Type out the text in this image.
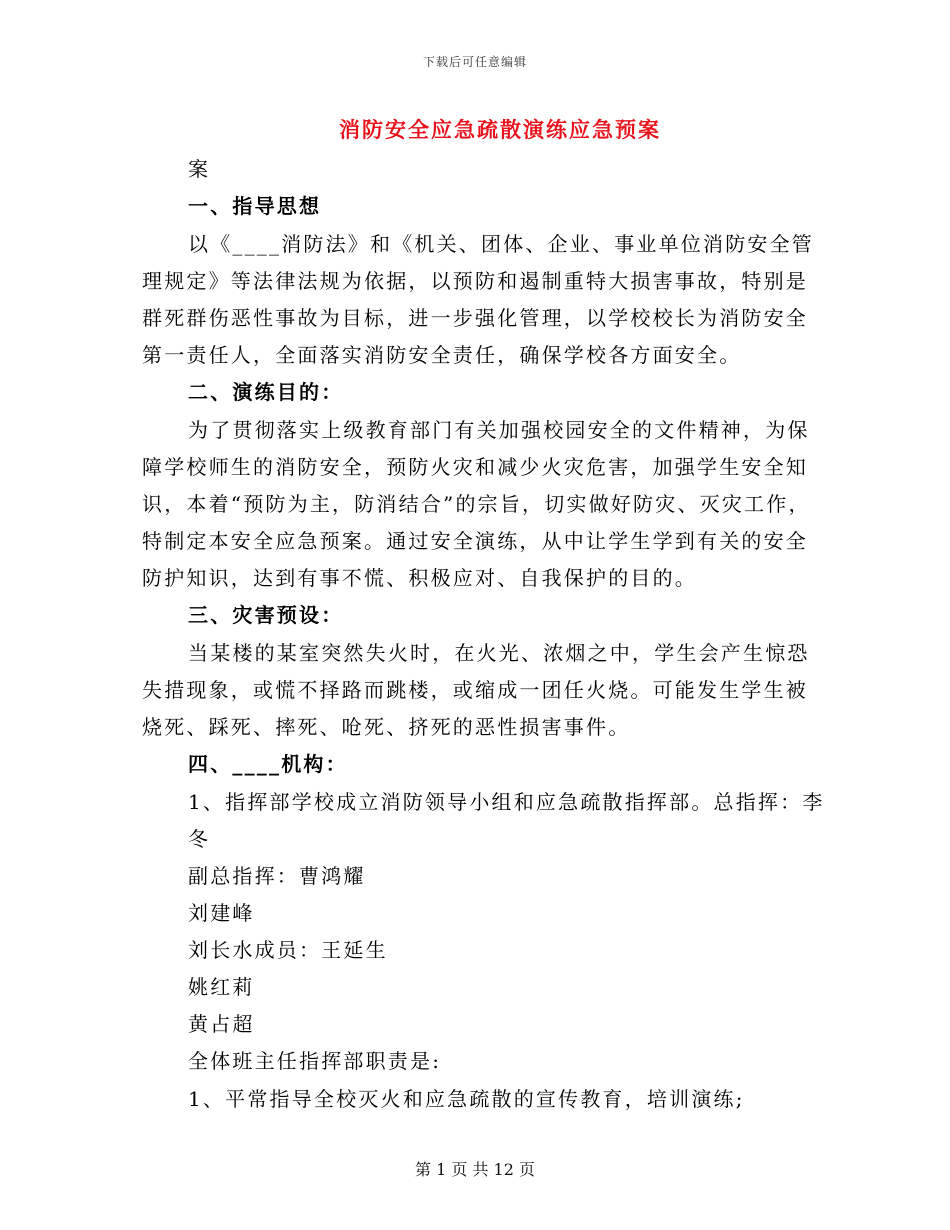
下载后可任意编辑
消防安全应急疏散演练应急预案
案
一、指导思想
以《____消防法》和《机关、团体、企业、事业单位消防安全管
理规定》等法律法规为依据，以预防和遏制重特大损害事故，特别是
群死群伤恶性事故为目标，进一步强化管理，以学校校长为消防安全
第一责任人，全面落实消防安全责任，确保学校各方面安全。
二、演练目的：
为了贯彻落实上级教育部门有关加强校园安全的文件精神，为保
障学校师生的消防安全，预防火灾和减少火灾危害，加强学生安全知
识，本着“预防为主，防消结合”的宗旨，切实做好防灾、灭灾工作，
特制定本安全应急预案。通过安全演练，从中让学生学到有关的安全
防护知识，达到有事不慌、积极应对、自我保护的目的。
三、灾害预设：
当某楼的某室突然失火时，在火光、浓烟之中，学生会产生惊恐
失措现象，或慌不择路而跳楼，或缩成一团任火烧。可能发生学生被
烧死、踩死、摔死、呛死、挤死的恶性损害事件。
四、____机构：
1、指挥部学校成立消防领导小组和应急疏散指挥部。总指挥：李
冬
副总指挥：曹鸿耀
刘建峰
刘长水成员：王延生
姚红莉
黄占超
全体班主任指挥部职责是:
1、平常指导全校灭火和应急疏散的宣传教育，培训演练;
第 1 页 共 12 页
